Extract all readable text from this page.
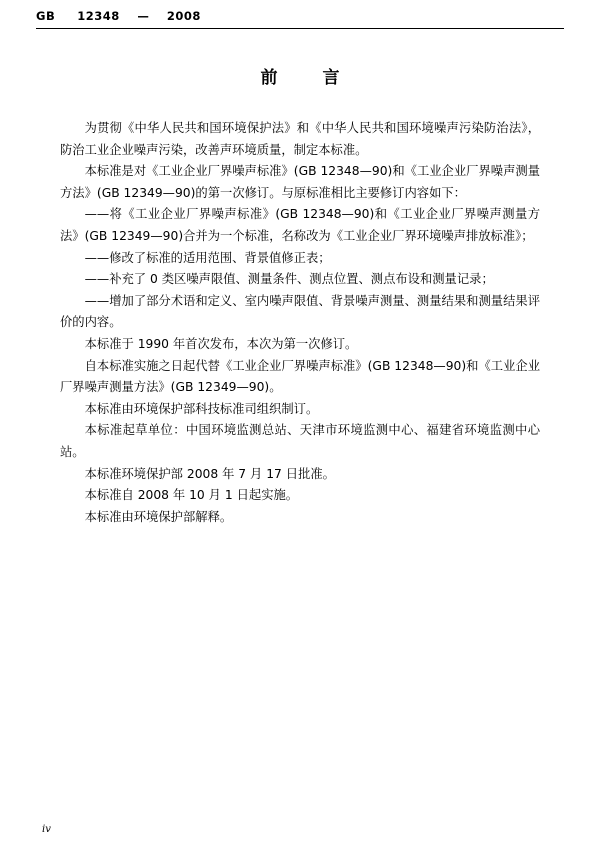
GB 12348 — 2008
前　言

为贯彻《中华人民共和国环境保护法》和《中华人民共和国环境噪声污染防治法》，防治工业企业噪声污染，改善声环境质量，制定本标准。

本标准是对《工业企业厂界噪声标准》(GB 12348—90)和《工业企业厂界噪声测量方法》(GB 12349—90)的第一次修订。与原标准相比主要修订内容如下：

——将《工业企业厂界噪声标准》(GB 12348—90)和《工业企业厂界噪声测量方法》(GB 12349—90)合并为一个标准，名称改为《工业企业厂界环境噪声排放标准》；

——修改了标准的适用范围、背景值修正表；

——补充了 0 类区噪声限值、测量条件、测点位置、测点布设和测量记录；

——增加了部分术语和定义、室内噪声限值、背景噪声测量、测量结果和测量结果评价的内容。

本标准于 1990 年首次发布，本次为第一次修订。

自本标准实施之日起代替《工业企业厂界噪声标准》(GB 12348—90)和《工业企业厂界噪声测量方法》(GB 12349—90)。

本标准由环境保护部科技标准司组织制订。

本标准起草单位：中国环境监测总站、天津市环境监测中心、福建省环境监测中心站。

本标准环境保护部 2008 年 7 月 17 日批准。

本标准自 2008 年 10 月 1 日起实施。

本标准由环境保护部解释。

iv
